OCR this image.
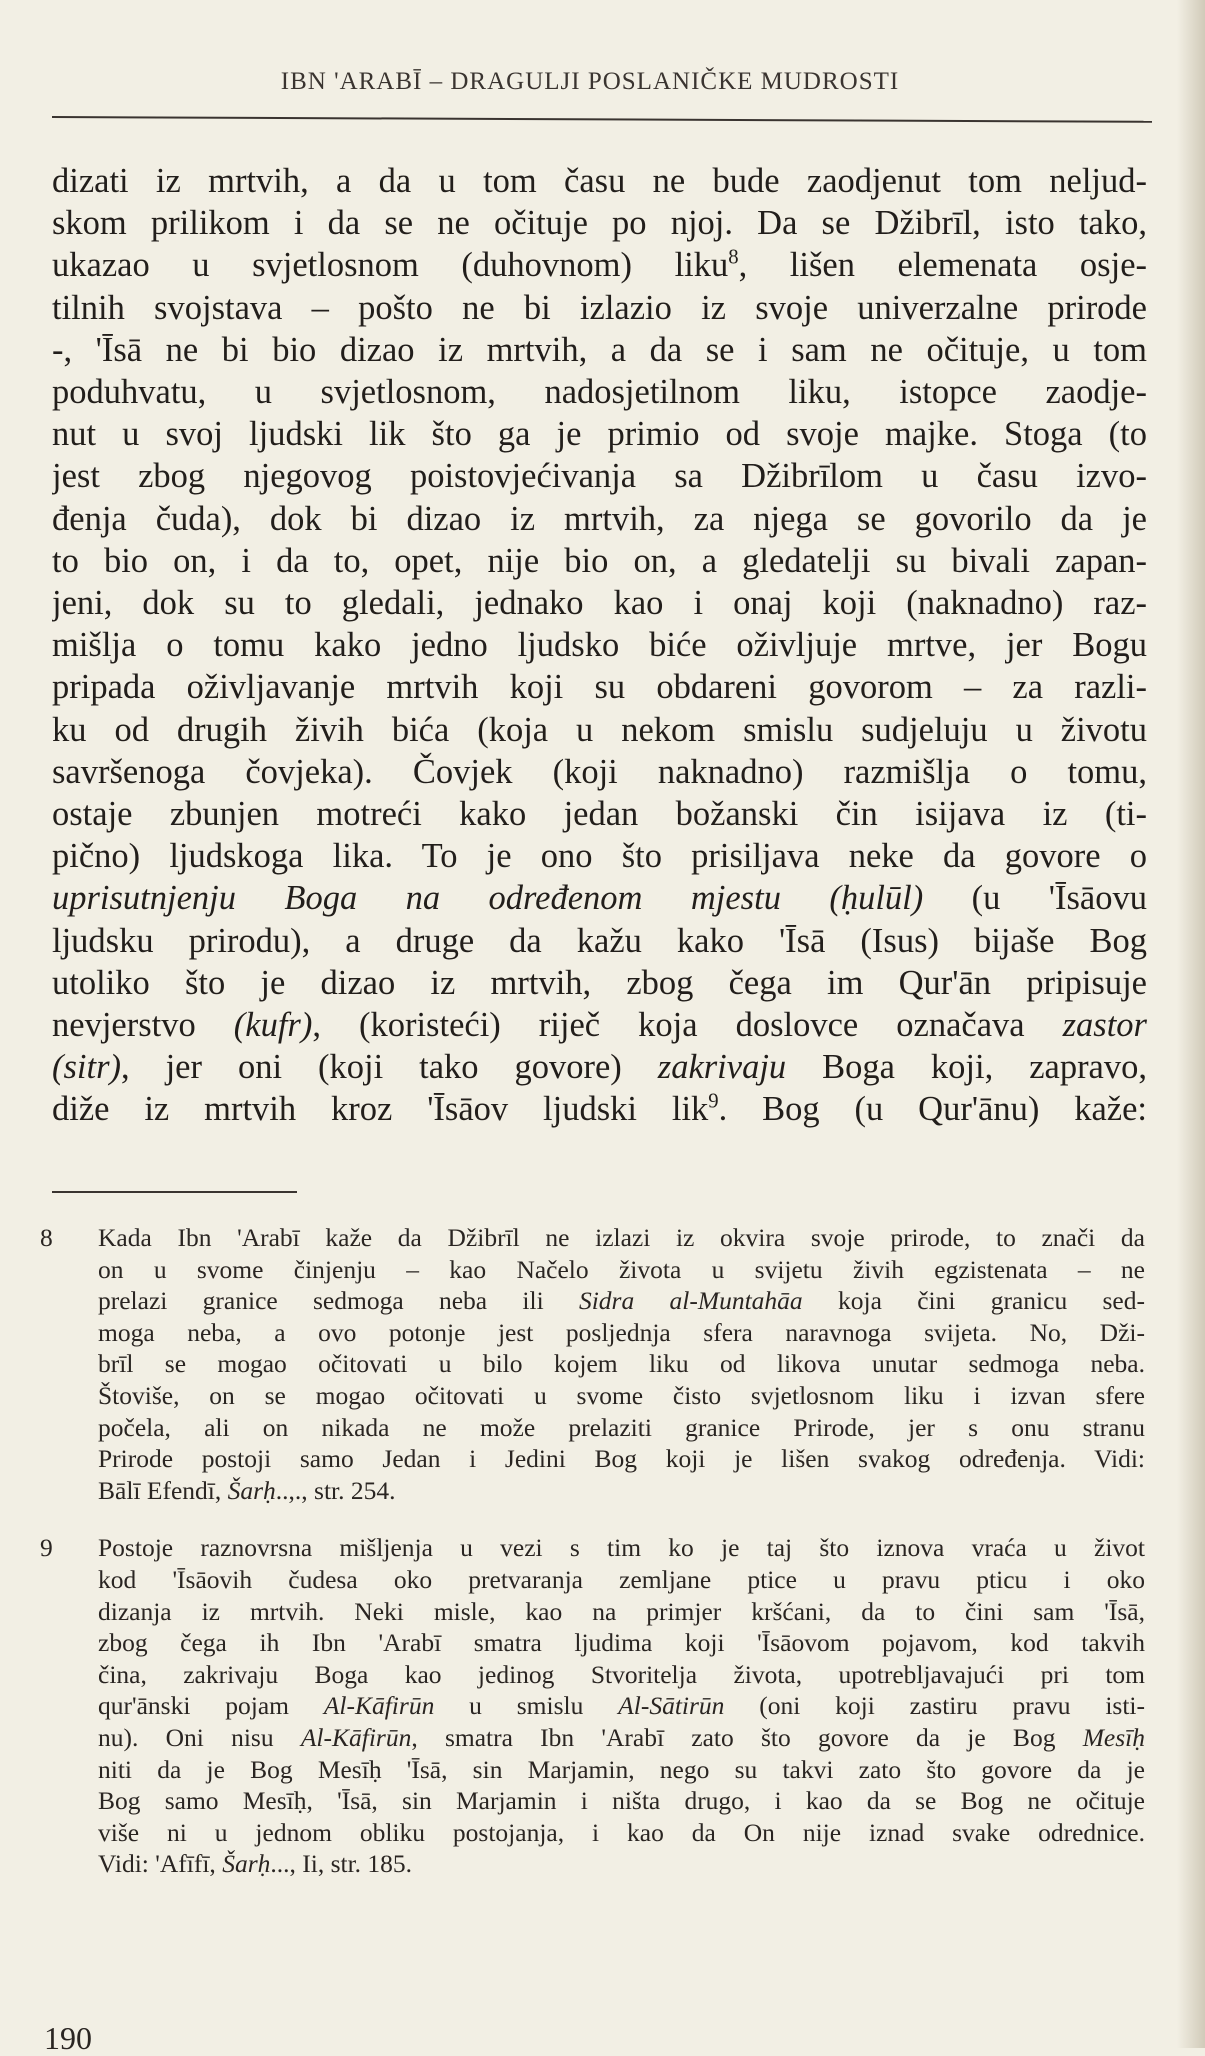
IBN 'ARABĪ – DRAGULJI POSLANIČKE MUDROSTI
dizati iz mrtvih, a da u tom času ne bude zaodjenut tom neljud-
skom prilikom i da se ne očituje po njoj. Da se Džibrīl, isto tako,
ukazao u svjetlosnom (duhovnom) liku$^8$, lišen elemenata osje-
tilnih svojstava – pošto ne bi izlazio iz svoje univerzalne prirode
-, 'Īsā ne bi bio dizao iz mrtvih, a da se i sam ne očituje, u tom
poduhvatu, u svjetlosnom, nadosjetilnom liku, istopce zaodje-
nut u svoj ljudski lik što ga je primio od svoje majke. Stoga (to
jest zbog njegovog poistovjećivanja sa Džibrīlom u času izvo-
đenja čuda), dok bi dizao iz mrtvih, za njega se govorilo da je
to bio on, i da to, opet, nije bio on, a gledatelji su bivali zapan-
jeni, dok su to gledali, jednako kao i onaj koji (naknadno) raz-
mišlja o tomu kako jedno ljudsko biće oživljuje mrtve, jer Bogu
pripada oživljavanje mrtvih koji su obdareni govorom – za razli-
ku od drugih živih bića (koja u nekom smislu sudjeluju u životu
savršenoga čovjeka). Čovjek (koji naknadno) razmišlja o tomu,
ostaje zbunjen motreći kako jedan božanski čin isijava iz (ti-
pično) ljudskoga lika. To je ono što prisiljava neke da govore o
uprisutnjenju Boga na određenom mjestu (ḥulūl) (u 'Īsāovu
ljudsku prirodu), a druge da kažu kako 'Īsā (Isus) bijaše Bog
utoliko što je dizao iz mrtvih, zbog čega im Qur'ān pripisuje
nevjerstvo (kufr), (koristeći) riječ koja doslovce označava zastor
(sitr), jer oni (koji tako govore) zakrivaju Boga koji, zapravo,
diže iz mrtvih kroz 'Īsāov ljudski lik$^9$. Bog (u Qur'ānu) kaže:
8 Kada Ibn 'Arabī kaže da Džibrīl ne izlazi iz okvira svoje prirode, to znači da
on u svome činjenju – kao Načelo života u svijetu živih egzistenata – ne
prelazi granice sedmoga neba ili Sidra al-Muntahāa koja čini granicu sed-
moga neba, a ovo potonje jest posljednja sfera naravnoga svijeta. No, Dži-
brīl se mogao očitovati u bilo kojem liku od likova unutar sedmoga neba.
Štoviše, on se mogao očitovati u svome čisto svjetlosnom liku i izvan sfere
počela, ali on nikada ne može prelaziti granice Prirode, jer s onu stranu
Prirode postoji samo Jedan i Jedini Bog koji je lišen svakog određenja. Vidi:
Bālī Efendī, Šarḥ..,., str. 254.
9 Postoje raznovrsna mišljenja u vezi s tim ko je taj što iznova vraća u život
kod 'Īsāovih čudesa oko pretvaranja zemljane ptice u pravu pticu i oko
dizanja iz mrtvih. Neki misle, kao na primjer kršćani, da to čini sam 'Īsā,
zbog čega ih Ibn 'Arabī smatra ljudima koji 'Īsāovom pojavom, kod takvih
čina, zakrivaju Boga kao jedinog Stvoritelja života, upotrebljavajući pri tom
qur'ānski pojam Al-Kāfirūn u smislu Al-Sātirūn (oni koji zastiru pravu isti-
nu). Oni nisu Al-Kāfirūn, smatra Ibn 'Arabī zato što govore da je Bog Mesīḥ
niti da je Bog Mesīḥ 'Īsā, sin Marjamin, nego su takvi zato što govore da je
Bog samo Mesīḥ, 'Īsā, sin Marjamin i ništa drugo, i kao da se Bog ne očituje
više ni u jednom obliku postojanja, i kao da On nije iznad svake odrednice.
Vidi: 'Afīfī, Šarḥ..., Ii, str. 185.
190
